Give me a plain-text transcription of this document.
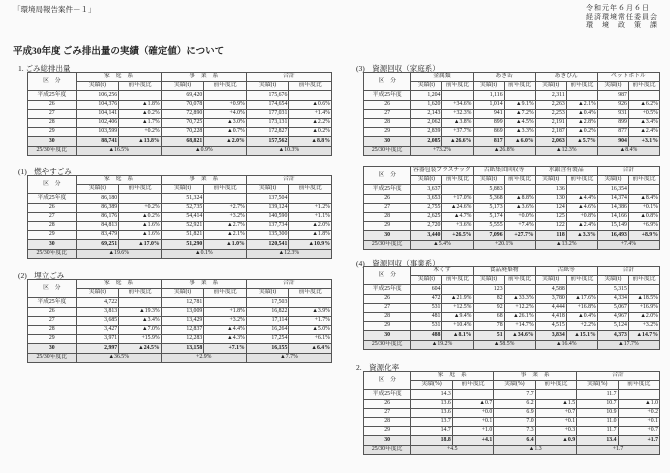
「環境局報告案件－１」	令和元年６月６日
経済環境常任委員会
環　境　政　策　課
平成30年度 ごみ排出量の実績（確定値）について
1. ごみ総排出量
区　分	家　庭　系		事　業　系		合計	
	実績(t)	前年度比	実績(t)	前年度比	実績(t)	前年度比
平成25年度	106,256		69,420		175,676	
26	104,376	▲1.8%	70,078	+0.9%	174,654	▲0.6%
27	104,141	▲0.2%	72,890	+4.0%	177,031	+1.4%
28	102,406	▲1.7%	70,725	▲3.0%	173,131	▲2.2%
29	103,599	+0.2%	70,228	▲0.7%	172,827	▲0.2%
30	88,741	▲13.8%	68,821	▲2.0%	157,562	▲8.8%
25/30年度比	▲16.5%		▲0.9%		▲10.3%	
(1)　燃やすごみ
区　分	家　庭　系		事　業　系		合計	
	実績(t)	前年度比	実績(t)	前年度比	実績(t)	前年度比
平成25年度	86,180		51,324		137,504	
26	86,389	+0.2%	52,735	+2.7%	139,124	+1.2%
27	86,176	▲0.2%	54,414	+3.2%	140,590	+1.1%
28	84,813	▲1.6%	52,921	▲2.7%	137,734	▲2.0%
29	83,479	▲1.6%	51,821	▲2.1%	135,300	▲1.8%
30	69,251	▲17.0%	51,290	▲1.0%	120,541	▲10.9%
25/30年度比	▲19.6%		▲0.1%		▲12.3%	
(2)　埋立ごみ
区　分	家　庭　系		事　業　系		合計	
	実績(t)	前年度比	実績(t)	前年度比	実績(t)	前年度比
平成25年度	4,722		12,781		17,503	
26	3,813	▲19.3%	13,009	+1.8%	16,822	▲3.9%
27	3,685	▲3.4%	13,429	+3.2%	17,114	+1.7%
28	3,427	▲7.0%	12,837	▲4.4%	16,264	▲5.0%
29	3,971	+15.9%	12,283	▲4.3%	17,254	+6.1%
30	2,997	▲24.5%	13,158	+7.1%	16,155	▲6.4%
25/30年度比	▲36.5%		+2.9%		▲7.7%	
(3)　資源回収（家庭系）
区　分	金属類		あき缶		あきびん		ペットボトル	
	実績(t)	前年度比	実績(t)	前年度比	実績(t)	前年度比	実績(t)	前年度比
平成25年度	1,204		1,116		2,311		987	
26	1,620	+34.6%	1,014	▲9.1%	2,263	▲2.1%	926	▲6.2%
27	2,143	+32.3%	941	▲7.2%	2,253	▲0.4%	931	+0.5%
28	2,062	▲3.8%	899	▲4.5%	2,191	▲2.8%	899	▲3.4%
29	2,839	+37.7%	869	▲3.3%	2,187	▲0.2%	877	▲2.4%
30	2,085	▲26.6%	817	▲6.0%	2,063	▲5.7%	904	+3.1%
25/30年度比	+73.2%		▲26.8%		▲12.3%		▲8.4%	
区　分	容器包装プラスチック		古紙集団回収等		水銀含有製品		合計	
	実績(t)	前年度比	実績(t)	前年度比	実績(t)	前年度比	実績(t)	前年度比
平成25年度	3,637		5,883		136		16,354	
26	3,653	+17.0%	5,368	▲8.8%	130	▲4.4%	14,374	▲8.4%
27	2,755	▲24.6%	5,173	▲3.6%	124	▲4.6%	14,386	+0.1%
28	2,625	▲4.7%	5,174	+0.0%	125	+0.8%	14,166	▲0.8%
29	2,720	+3.6%	5,555	+7.4%	122	▲2.4%	15,149	+6.9%
30	3,440	+26.5%	7,096	+27.7%	118	▲3.3%	16,493	+8.9%
25/30年度比	▲5.4%		+20.1%		▲13.2%		+7.4%	
(4)　資源回収（事業系）
区　分	木くず		食品廃棄物		古紙等		合計	
	実績(t)	前年度比	実績(t)	前年度比	実績(t)	前年度比	実績(t)	前年度比
平成25年度	604		123		4,588		5,315	
26	472	▲21.9%	82	▲33.3%	3,780	▲17.6%	4,334	▲18.5%
27	531	+12.5%	92	+12.2%	4,444	+16.8%	5,067	+16.9%
28	481	▲9.4%	68	▲26.1%	4,418	▲0.4%	4,967	▲2.0%
29	531	+10.4%	78	+14.7%	4,515	+2.2%	5,124	+3.2%
30	488	▲8.1%	51	▲34.6%	3,834	▲15.1%	4,373	▲14.7%
25/30年度比	▲19.2%		▲58.5%		▲16.4%		▲17.7%	
2.　資源化率
区　分	家　庭　系		事　業　系		合計	
	実績(%)	前年度比	実績(%)	前年度比	実績(%)	前年度比
平成25年度	14.3		7.7		11.7	
26	13.6	▲0.7	6.2	▲1.5	10.7	▲1.0
27	13.6	+0.0	6.9	+0.7	10.9	+0.2
28	13.7	+0.1	7.0	+0.1	11.0	+0.1
29	14.7	+1.0	7.3	+0.3	11.7	+0.7
30	18.8	+4.1	6.4	▲0.9	13.4	+1.7
25/30年度比	+4.5		▲1.3		+1.7	
